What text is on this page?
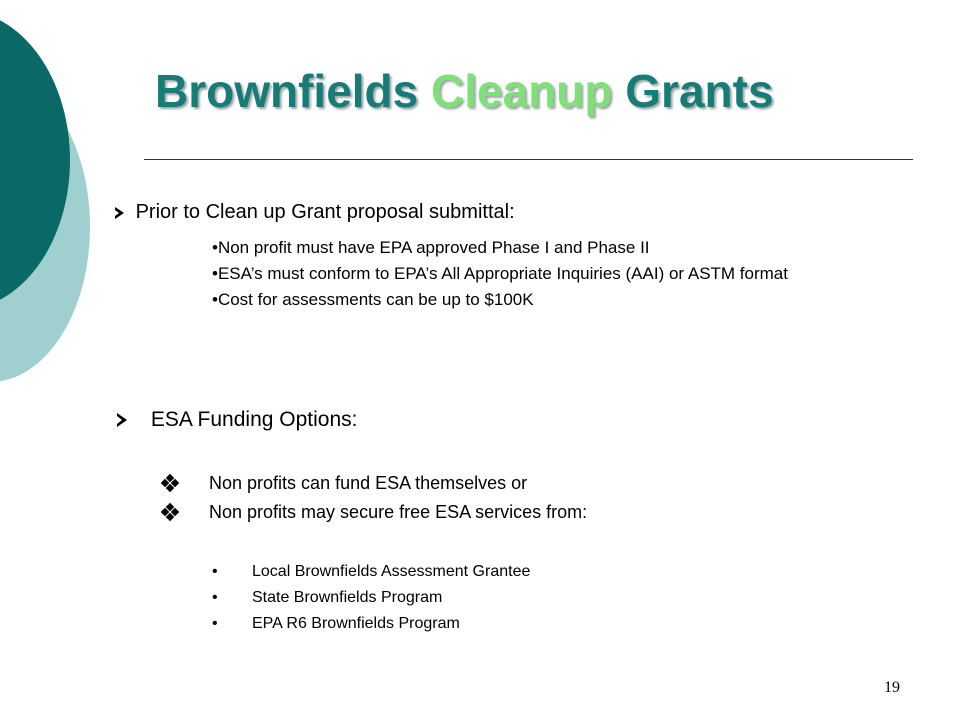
Brownfields Cleanup Grants
Prior to Clean up Grant proposal submittal:

•Non profit must have EPA approved Phase I and Phase II

•ESA’s must conform to EPA’s All Appropriate Inquiries (AAI) or ASTM format

•Cost for assessments can be up to $100K

ESA Funding Options:
Non profits can fund ESA themselves or
Non profits may secure free ESA services from:
• Local Brownfields Assessment Grantee
• State Brownfields Program
• EPA R6 Brownfields Program
19
